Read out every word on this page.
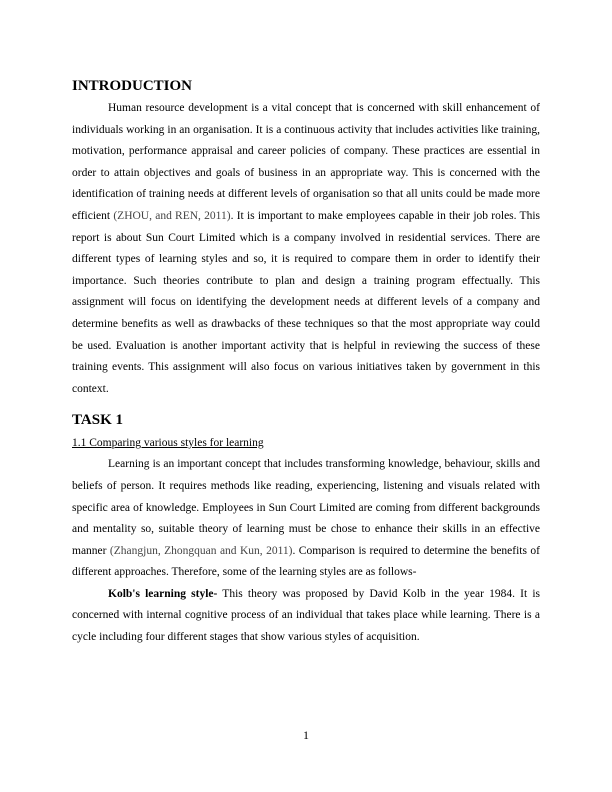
INTRODUCTION

Human resource development is a vital concept that is concerned with skill enhancement of individuals working in an organisation. It is a continuous activity that includes activities like training, motivation, performance appraisal and career policies of company. These practices are essential in order to attain objectives and goals of business in an appropriate way. This is concerned with the identification of training needs at different levels of organisation so that all units could be made more efficient (ZHOU, and REN, 2011). It is important to make employees capable in their job roles. This report is about Sun Court Limited which is a company involved in residential services. There are different types of learning styles and so, it is required to compare them in order to identify their importance. Such theories contribute to plan and design a training program effectually. This assignment will focus on identifying the development needs at different levels of a company and determine benefits as well as drawbacks of these techniques so that the most appropriate way could be used. Evaluation is another important activity that is helpful in reviewing the success of these training events. This assignment will also focus on various initiatives taken by government in this context.

TASK 1
1.1 Comparing various styles for learning

Learning is an important concept that includes transforming knowledge, behaviour, skills and beliefs of person. It requires methods like reading, experiencing, listening and visuals related with specific area of knowledge. Employees in Sun Court Limited are coming from different backgrounds and mentality so, suitable theory of learning must be chose to enhance their skills in an effective manner (Zhangjun, Zhongquan and Kun, 2011). Comparison is required to determine the benefits of different approaches. Therefore, some of the learning styles are as follows-

Kolb's learning style- This theory was proposed by David Kolb in the year 1984. It is concerned with internal cognitive process of an individual that takes place while learning. There is a cycle including four different stages that show various styles of acquisition.

1
